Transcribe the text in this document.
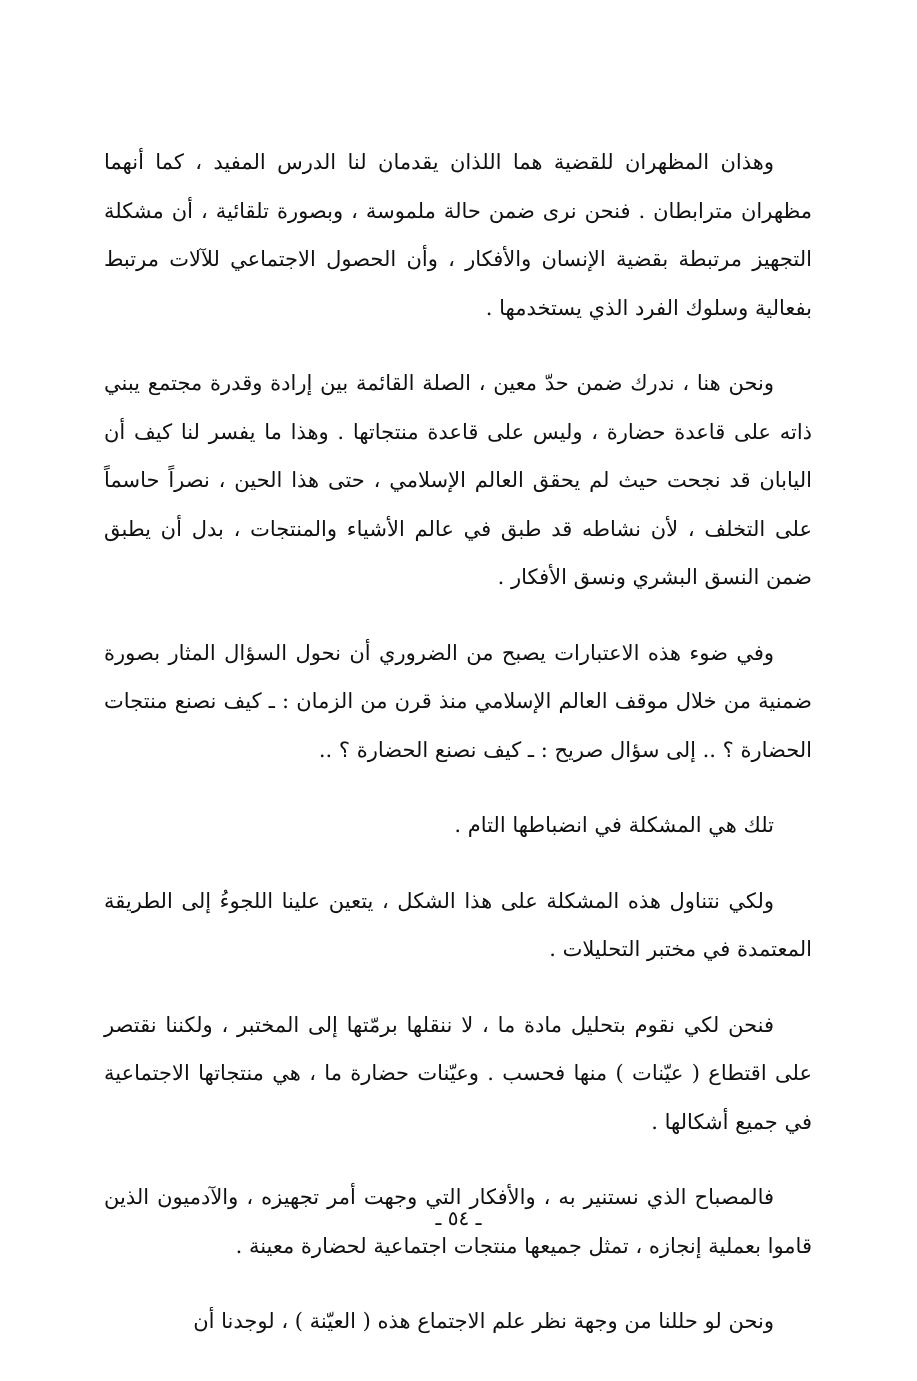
وهذان المظهران للقضية هما اللذان يقدمان لنا الدرس المفيد ، كما أنهما مظهران مترابطان . فنحن نرى ضمن حالة ملموسة ، وبصورة تلقائية ، أن مشكلة التجهيز مرتبطة بقضية الإنسان والأفكار ، وأن الحصول الاجتماعي للآلات مرتبط بفعالية وسلوك الفرد الذي يستخدمها .

ونحن هنا ، ندرك ضمن حدّ معين ، الصلة القائمة بين إرادة وقدرة مجتمع يبني ذاته على قاعدة حضارة ، وليس على قاعدة منتجاتها . وهذا ما يفسر لنا كيف أن اليابان قد نجحت حيث لم يحقق العالم الإسلامي ، حتى هذا الحين ، نصراً حاسماً على التخلف ، لأن نشاطه قد طبق في عالم الأشياء والمنتجات ، بدل أن يطبق ضمن النسق البشري ونسق الأفكار .

وفي ضوء هذه الاعتبارات يصبح من الضروري أن نحول السؤال المثار بصورة ضمنية من خلال موقف العالم الإسلامي منذ قرن من الزمان : ـ كيف نصنع منتجات الحضارة ؟ .. إلى سؤال صريح : ـ كيف نصنع الحضارة ؟ ..

تلك هي المشكلة في انضباطها التام .

ولكي نتناول هذه المشكلة على هذا الشكل ، يتعين علينا اللجوءُ إلى الطريقة المعتمدة في مختبر التحليلات .

فنحن لكي نقوم بتحليل مادة ما ، لا ننقلها برمّتها إلى المختبر ، ولكننا نقتصر على اقتطاع ( عيّنات ) منها فحسب . وعيّنات حضارة ما ، هي منتجاتها الاجتماعية في جميع أشكالها .

فالمصباح الذي نستنير به ، والأفكار التي وجهت أمر تجهيزه ، والآدميون الذين قاموا بعملية إنجازه ، تمثل جميعها منتجات اجتماعية لحضارة معينة .

ونحن لو حللنا من وجهة نظر علم الاجتماع هذه ( العيّنة ) ، لوجدنا أن

ـ ٥٤ ـ
